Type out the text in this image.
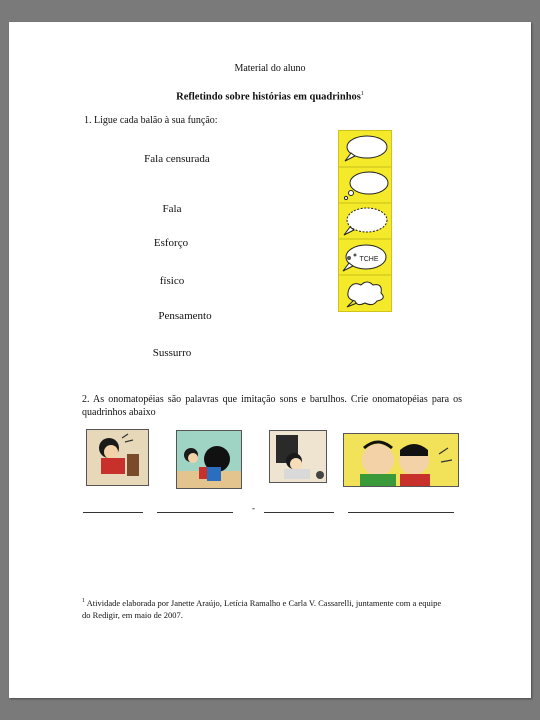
Material do aluno
Refletindo sobre histórias em quadrinhos$^1$
1. Ligue cada balão à sua função:
Fala censurada
Fala
Esforço
físico
Pensamento
Sussurro
TCHE
2. As onomatopéias são palavras que imitação sons e barulhos. Crie onomatopéias para os quadrinhos abaixo
-
$^1$ Atividade elaborada por Janette Araújo, Letícia Ramalho e Carla V. Cassarelli, juntamente com a equipe do Redigir, em maio de 2007.
